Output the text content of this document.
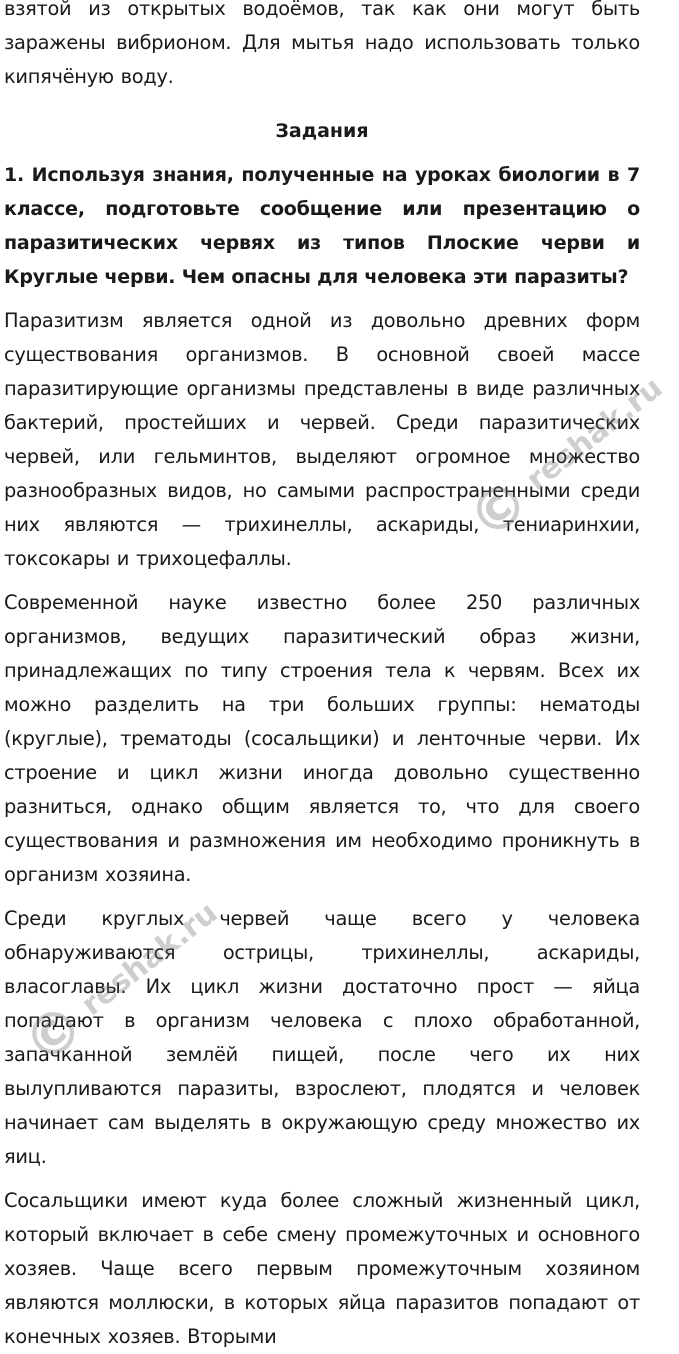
взятой из открытых водоёмов, так как они могут быть заражены вибрионом. Для мытья надо использовать только кипячёную воду.

Задания

1. Используя знания, полученные на уроках биологии в 7 классе, подготовьте сообщение или презентацию о паразитических червях из типов Плоские черви и Круглые черви. Чем опасны для человека эти паразиты?

Паразитизм является одной из довольно древних форм существования организмов. В основной своей массе паразитирующие организмы представлены в виде различных бактерий, простейших и червей. Среди паразитических червей, или гельминтов, выделяют огромное множество разнообразных видов, но самыми распространенными среди них являются — трихинеллы, аскариды, тениаринхии, токсокары и трихоцефаллы.

Современной науке известно более 250 различных организмов, ведущих паразитический образ жизни, принадлежащих по типу строения тела к червям. Всех их можно разделить на три больших группы: нематоды (круглые), трематоды (сосальщики) и ленточные черви. Их строение и цикл жизни иногда довольно существенно разниться, однако общим является то, что для своего существования и размножения им необходимо проникнуть в организм хозяина.

Среди круглых червей чаще всего у человека обнаруживаются острицы, трихинеллы, аскариды, власоглавы. Их цикл жизни достаточно прост — яйца попадают в организм человека с плохо обработанной, запачканной землёй пищей, после чего их них вылупливаются паразиты, взрослеют, плодятся и человек начинает сам выделять в окружающую среду множество их яиц.

Сосальщики имеют куда более сложный жизненный цикл, который включает в себе смену промежуточных и основного хозяев. Чаще всего первым промежуточным хозяином являются моллюски, в которых яйца паразитов попадают от конечных хозяев. Вторыми

© reshak.ru
© reshak.ru
